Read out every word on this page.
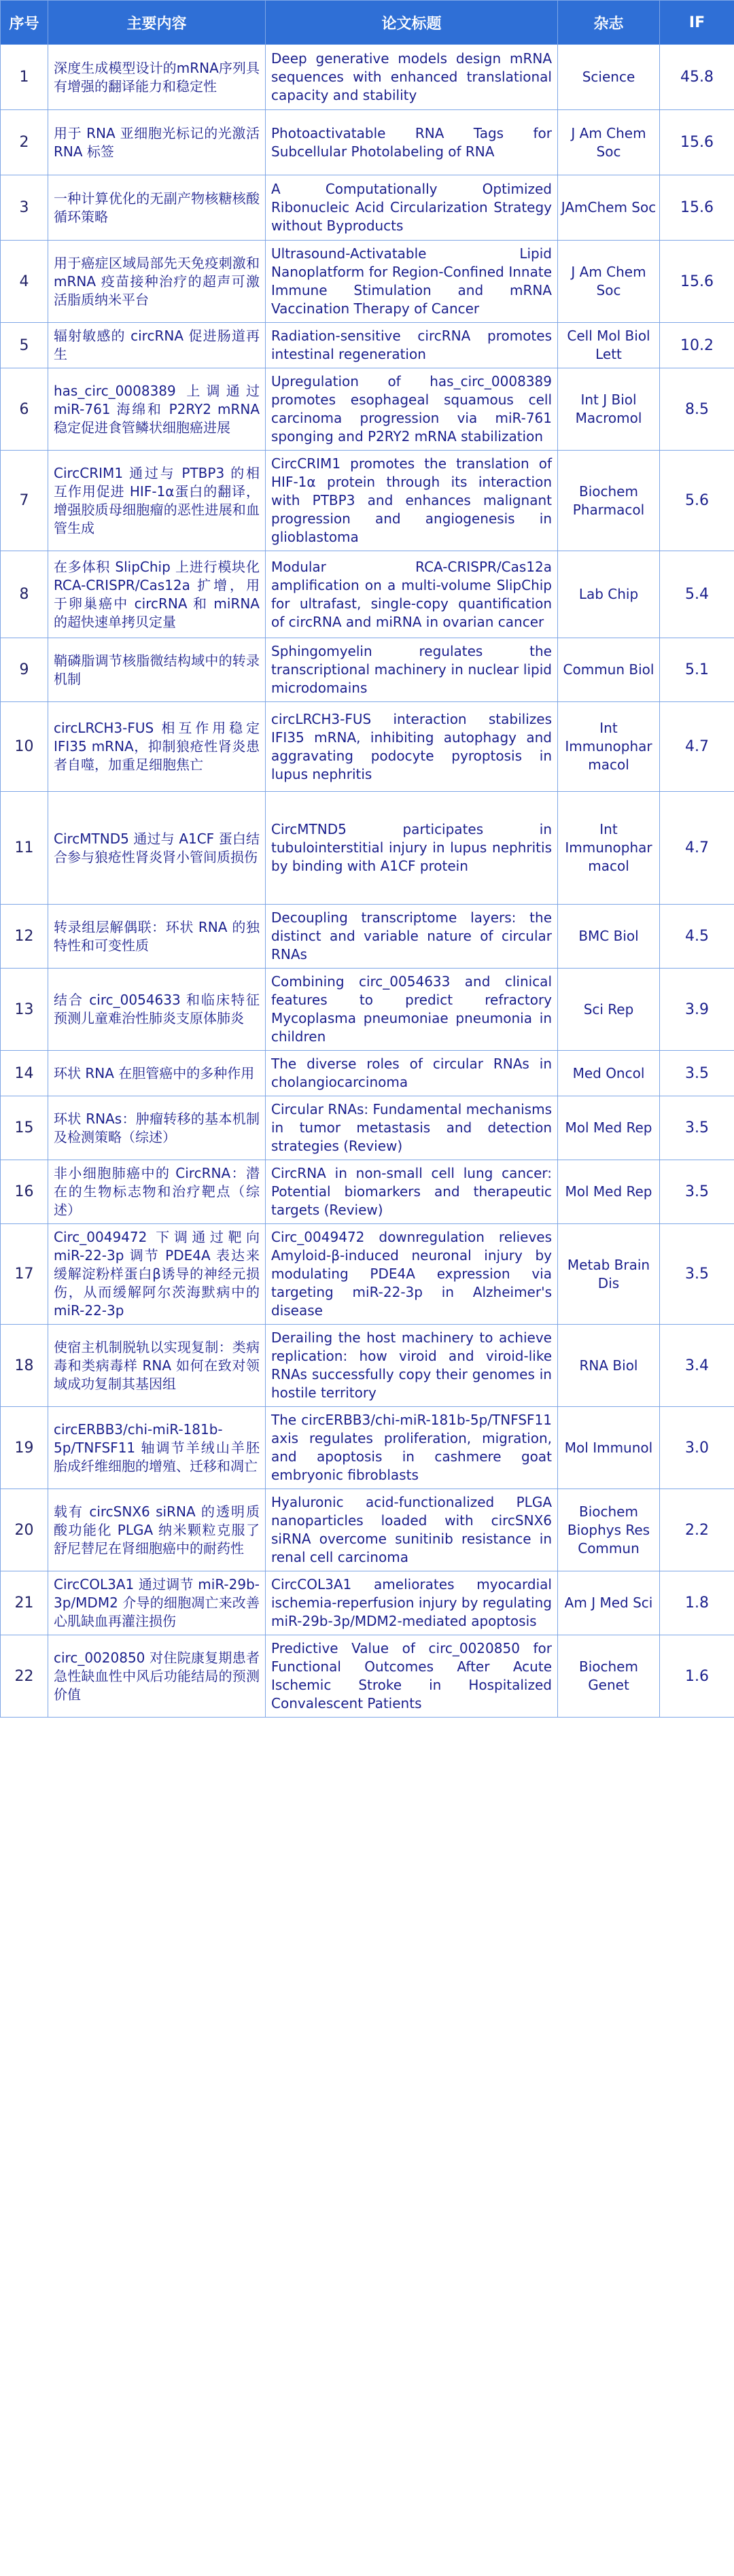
序号	主要内容	论文标题	杂志	IF
1	深度生成模型设计的mRNA序列具有增强的翻译能力和稳定性	Deep generative models design mRNA sequences with enhanced translational capacity and stability	Science	45.8
2	用于 RNA 亚细胞光标记的光激活 RNA 标签	Photoactivatable RNA Tags for Subcellular Photolabeling of RNA	J Am Chem Soc	15.6
3	一种计算优化的无副产物核糖核酸循环策略	A Computationally Optimized Ribonucleic Acid Circularization Strategy without Byproducts	JAmChem Soc	15.6
4	用于癌症区域局部先天免疫刺激和 mRNA 疫苗接种治疗的超声可激活脂质纳米平台	Ultrasound-Activatable Lipid Nanoplatform for Region-Confined Innate Immune Stimulation and mRNA Vaccination Therapy of Cancer	J Am Chem Soc	15.6
5	辐射敏感的 circRNA 促进肠道再生	Radiation-sensitive circRNA promotes intestinal regeneration	Cell Mol Biol Lett	10.2
6	has_circ_0008389 上调通过 miR-761 海绵和 P2RY2 mRNA 稳定促进食管鳞状细胞癌进展	Upregulation of has_circ_0008389 promotes esophageal squamous cell carcinoma progression via miR-761 sponging and P2RY2 mRNA stabilization	Int J Biol Macromol	8.5
7	CircCRIM1 通过与 PTBP3 的相互作用促进 HIF-1α蛋白的翻译，增强胶质母细胞瘤的恶性进展和血管生成	CircCRIM1 promotes the translation of HIF-1α protein through its interaction with PTBP3 and enhances malignant progression and angiogenesis in glioblastoma	Biochem Pharmacol	5.6
8	在多体积 SlipChip 上进行模块化 RCA-CRISPR/Cas12a 扩增，用于卵巢癌中 circRNA 和 miRNA 的超快速单拷贝定量	Modular RCA-CRISPR/Cas12a amplification on a multi-volume SlipChip for ultrafast, single-copy quantification of circRNA and miRNA in ovarian cancer	Lab Chip	5.4
9	鞘磷脂调节核脂微结构域中的转录机制	Sphingomyelin regulates the transcriptional machinery in nuclear lipid microdomains	Commun Biol	5.1
10	circLRCH3-FUS 相互作用稳定 IFI35 mRNA，抑制狼疮性肾炎患者自噬，加重足细胞焦亡	circLRCH3-FUS interaction stabilizes IFI35 mRNA, inhibiting autophagy and aggravating podocyte pyroptosis in lupus nephritis	Int Immunopharmacol	4.7
11	CircMTND5 通过与 A1CF 蛋白结合参与狼疮性肾炎肾小管间质损伤	CircMTND5 participates in tubulointerstitial injury in lupus nephritis by binding with A1CF protein	Int Immunopharmacol	4.7
12	转录组层解偶联：环状 RNA 的独特性和可变性质	Decoupling transcriptome layers: the distinct and variable nature of circular RNAs	BMC Biol	4.5
13	结合 circ_0054633 和临床特征预测儿童难治性肺炎支原体肺炎	Combining circ_0054633 and clinical features to predict refractory Mycoplasma pneumoniae pneumonia in children	Sci Rep	3.9
14	环状 RNA 在胆管癌中的多种作用	The diverse roles of circular RNAs in cholangiocarcinoma	Med Oncol	3.5
15	环状 RNAs：肿瘤转移的基本机制及检测策略（综述）	Circular RNAs: Fundamental mechanisms in tumor metastasis and detection strategies (Review)	Mol Med Rep	3.5
16	非小细胞肺癌中的 CircRNA：潜在的生物标志物和治疗靶点（综述）	CircRNA in non-small cell lung cancer: Potential biomarkers and therapeutic targets (Review)	Mol Med Rep	3.5
17	Circ_0049472 下调通过靶向 miR-22-3p 调节 PDE4A 表达来缓解淀粉样蛋白β诱导的神经元损伤，从而缓解阿尔茨海默病中的 miR-22-3p	Circ_0049472 downregulation relieves Amyloid-β-induced neuronal injury by modulating PDE4A expression via targeting miR-22-3p in Alzheimer's disease	Metab Brain Dis	3.5
18	使宿主机制脱轨以实现复制：类病毒和类病毒样 RNA 如何在致对领域成功复制其基因组	Derailing the host machinery to achieve replication: how viroid and viroid-like RNAs successfully copy their genomes in hostile territory	RNA Biol	3.4
19	circERBB3/chi-miR-181b-5p/TNFSF11 轴调节羊绒山羊胚胎成纤维细胞的增殖、迁移和凋亡	The circERBB3/chi-miR-181b-5p/TNFSF11 axis regulates proliferation, migration, and apoptosis in cashmere goat embryonic fibroblasts	Mol Immunol	3.0
20	载有 circSNX6 siRNA 的透明质酸功能化 PLGA 纳米颗粒克服了舒尼替尼在肾细胞癌中的耐药性	Hyaluronic acid-functionalized PLGA nanoparticles loaded with circSNX6 siRNA overcome sunitinib resistance in renal cell carcinoma	Biochem Biophys Res Commun	2.2
21	CircCOL3A1 通过调节 miR-29b-3p/MDM2 介导的细胞凋亡来改善心肌缺血再灌注损伤	CircCOL3A1 ameliorates myocardial ischemia-reperfusion injury by regulating miR-29b-3p/MDM2-mediated apoptosis	Am J Med Sci	1.8
22	circ_0020850 对住院康复期患者急性缺血性中风后功能结局的预测价值	Predictive Value of circ_0020850 for Functional Outcomes After Acute Ischemic Stroke in Hospitalized Convalescent Patients	Biochem Genet	1.6
